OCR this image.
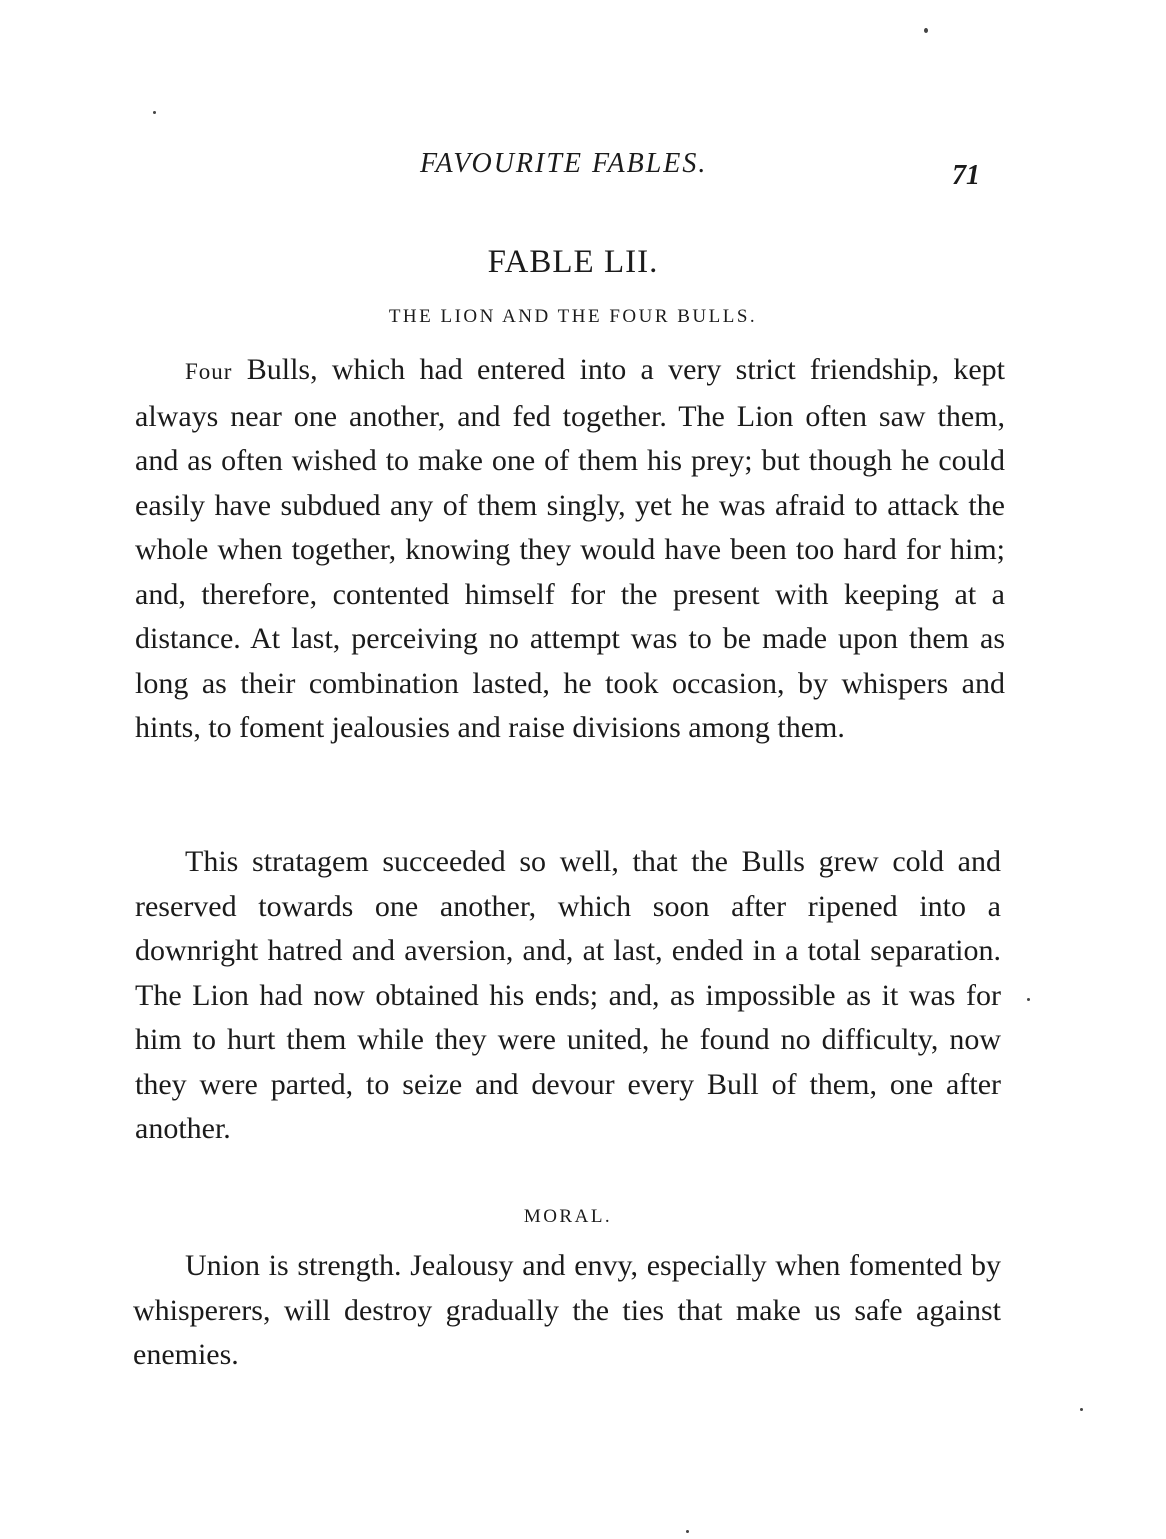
FAVOURITE FABLES.	71
FABLE LII.
THE LION AND THE FOUR BULLS.

Four Bulls, which had entered into a very strict friendship, kept always near one another, and fed together. The Lion often saw them, and as often wished to make one of them his prey; but though he could easily have subdued any of them singly, yet he was afraid to attack the whole when together, knowing they would have been too hard for him; and, therefore, contented himself for the present with keeping at a distance. At last, perceiving no attempt was to be made upon them as long as their combination lasted, he took occasion, by whispers and hints, to foment jealousies and raise divisions among them.

This stratagem succeeded so well, that the Bulls grew cold and reserved towards one another, which soon after ripened into a downright hatred and aversion, and, at last, ended in a total separation. The Lion had now obtained his ends; and, as impossible as it was for him to hurt them while they were united, he found no difficulty, now they were parted, to seize and devour every Bull of them, one after another.

MORAL.

Union is strength. Jealousy and envy, especially when fomented by whisperers, will destroy gradually the ties that make us safe against enemies.
